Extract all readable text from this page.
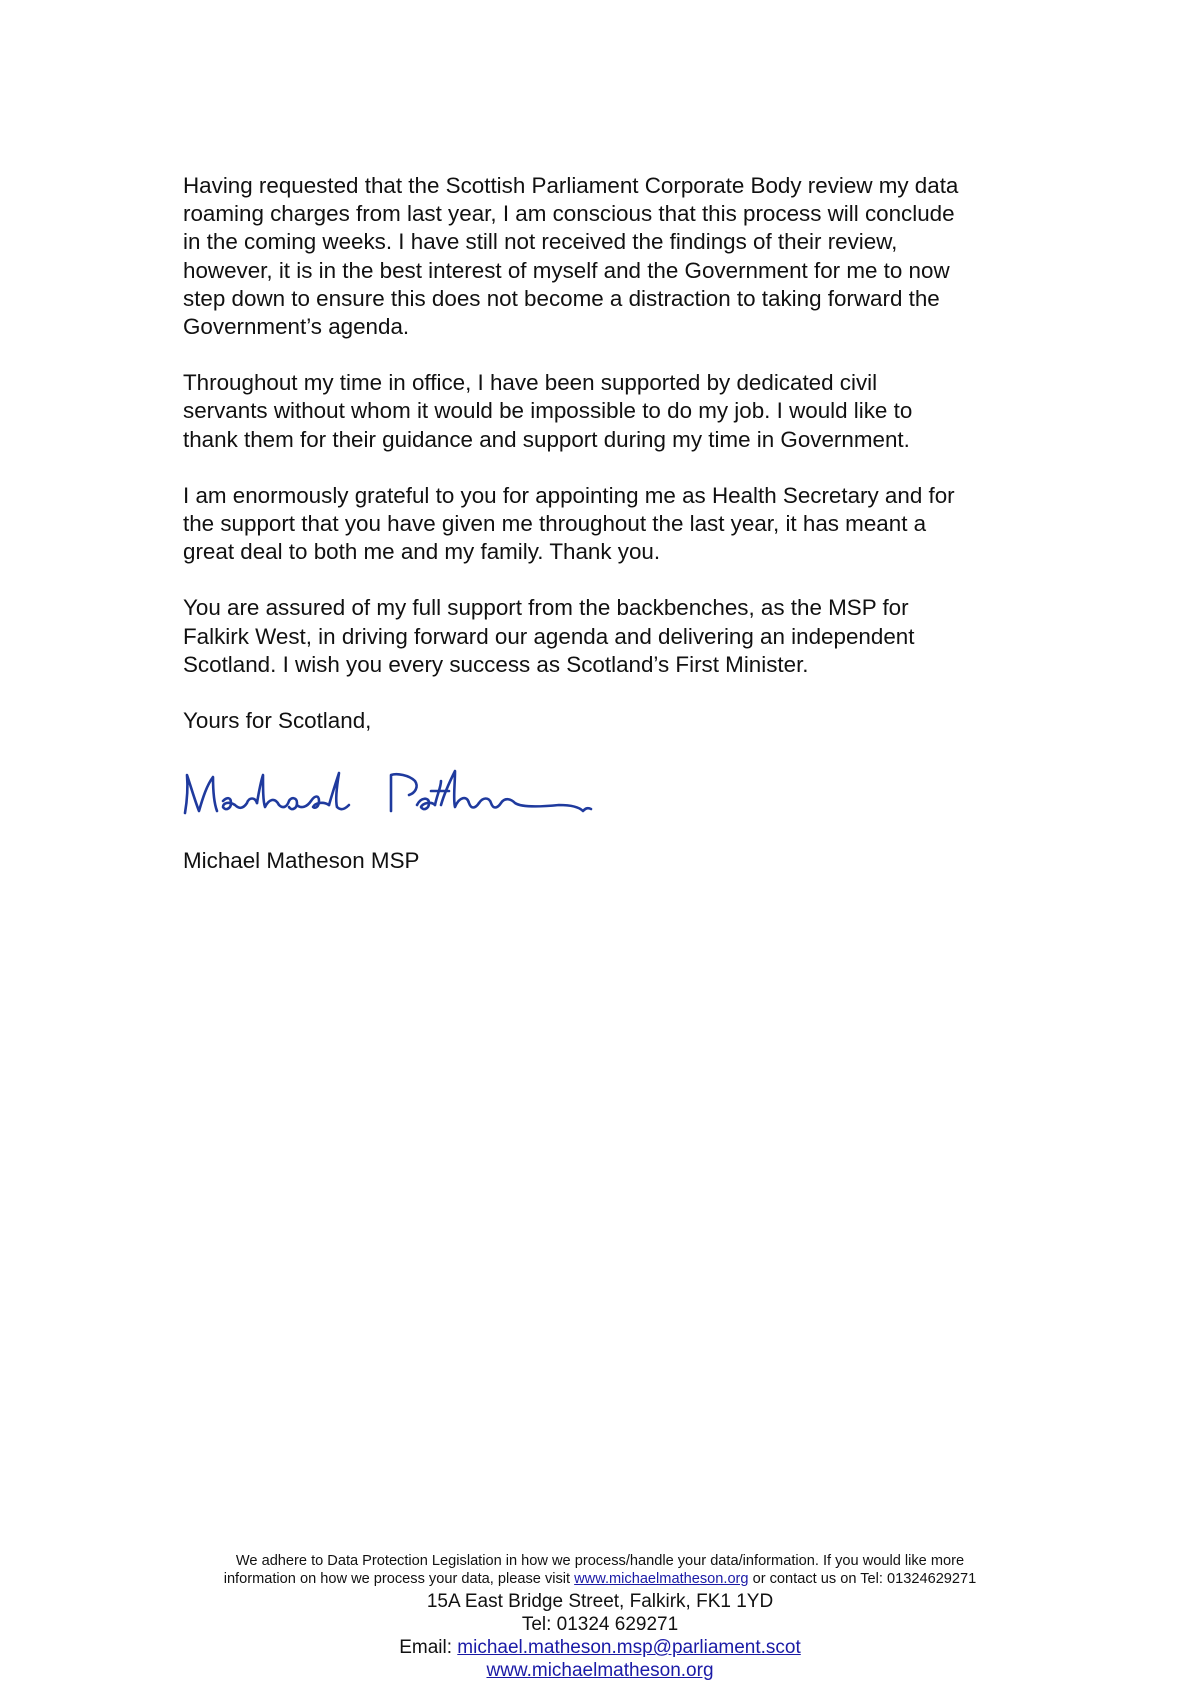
Having requested that the Scottish Parliament Corporate Body review my data
roaming charges from last year, I am conscious that this process will conclude
in the coming weeks. I have still not received the findings of their review,
however, it is in the best interest of myself and the Government for me to now
step down to ensure this does not become a distraction to taking forward the
Government’s agenda.

Throughout my time in office, I have been supported by dedicated civil
servants without whom it would be impossible to do my job. I would like to
thank them for their guidance and support during my time in Government.

I am enormously grateful to you for appointing me as Health Secretary and for
the support that you have given me throughout the last year, it has meant a
great deal to both me and my family. Thank you.

You are assured of my full support from the backbenches, as the MSP for
Falkirk West, in driving forward our agenda and delivering an independent
Scotland. I wish you every success as Scotland’s First Minister.

Yours for Scotland,

Michael Matheson MSP

We adhere to Data Protection Legislation in how we process/handle your data/information. If you would like more
information on how we process your data, please visit www.michaelmatheson.org or contact us on Tel: 01324629271

15A East Bridge Street, Falkirk, FK1 1YD
Tel: 01324 629271
Email: michael.matheson.msp@parliament.scot
www.michaelmatheson.org
